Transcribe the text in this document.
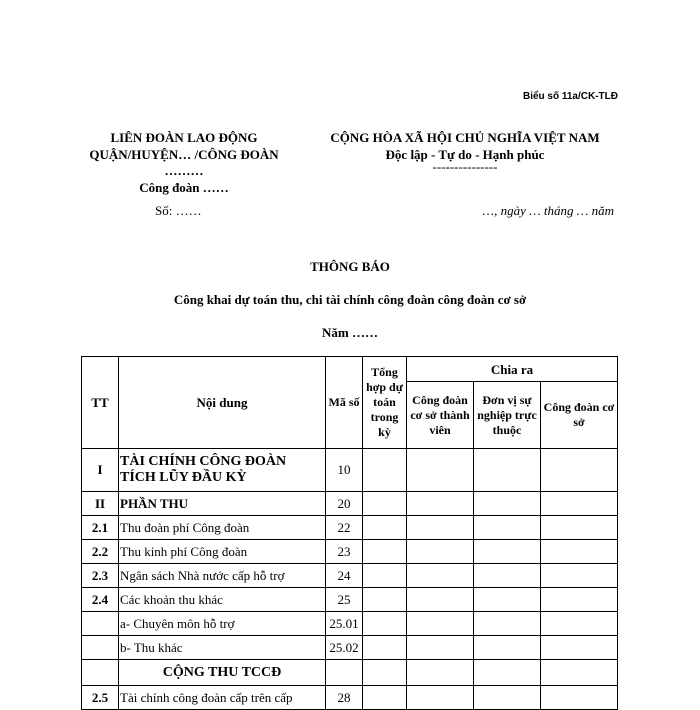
Biểu số 11a/CK-TLĐ
LIÊN ĐOÀN LAO ĐỘNG
QUẬN/HUYỆN… /CÔNG ĐOÀN
………
Công đoàn ……
CỘNG HÒA XÃ HỘI CHỦ NGHĨA VIỆT NAM
Độc lập - Tự do - Hạnh phúc
---------------
Số: ……	…, ngày … tháng … năm
THÔNG BÁO
Công khai dự toán thu, chi tài chính công đoàn công đoàn cơ sở
Năm ……
TT	Nội dung	Mã số	Tổng hợp dự toán trong kỳ	Chia ra		
				Công đoàn cơ sở thành viên	Đơn vị sự nghiệp trực thuộc	Công đoàn cơ sở
I	TÀI CHÍNH CÔNG ĐOÀN TÍCH LŨY ĐẦU KỲ	10				
II	PHẦN THU	20				
2.1	Thu đoàn phí Công đoàn	22				
2.2	Thu kinh phí Công đoàn	23				
2.3	Ngân sách Nhà nước cấp hỗ trợ	24				
2.4	Các khoản thu khác	25				
	a- Chuyên môn hỗ trợ	25.01				
	b- Thu khác	25.02				
	CỘNG THU TCCĐ					
2.5	Tài chính công đoàn cấp trên cấp	28				
